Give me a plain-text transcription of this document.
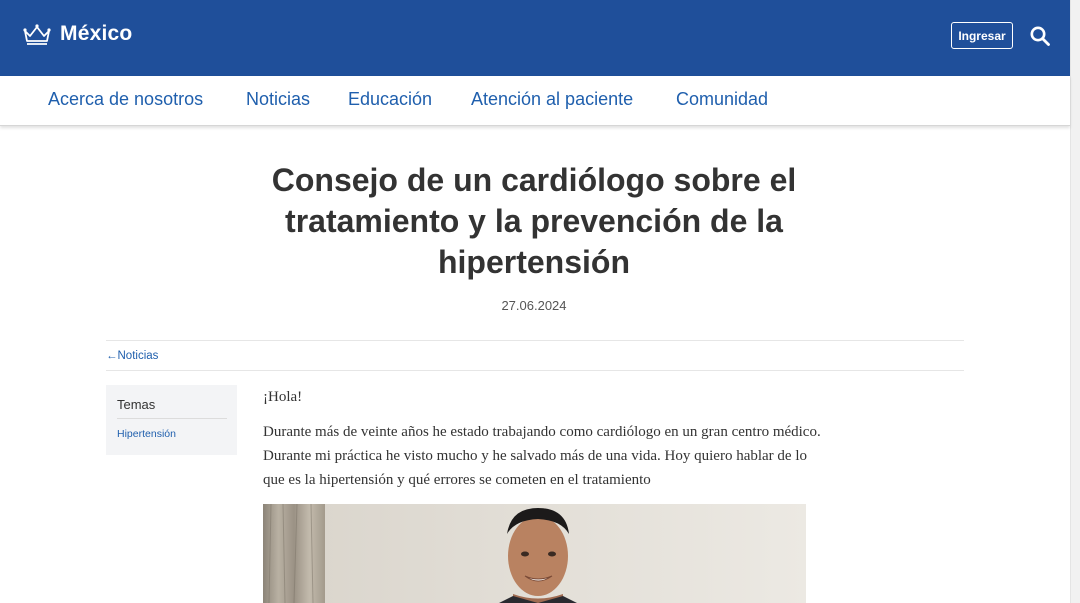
México	Ingresar
Acerca de nosotros Noticias Educación Atención al paciente Comunidad
Consejo de un cardiólogo sobre el tratamiento y la prevención de la hipertensión
27.06.2024
←Noticias
Temas
Hipertensión

¡Hola!

Durante más de veinte años he estado trabajando como cardiólogo en un gran centro médico. Durante mi práctica he visto mucho y he salvado más de una vida. Hoy quiero hablar de lo que es la hipertensión y qué errores se cometen en el tratamiento
